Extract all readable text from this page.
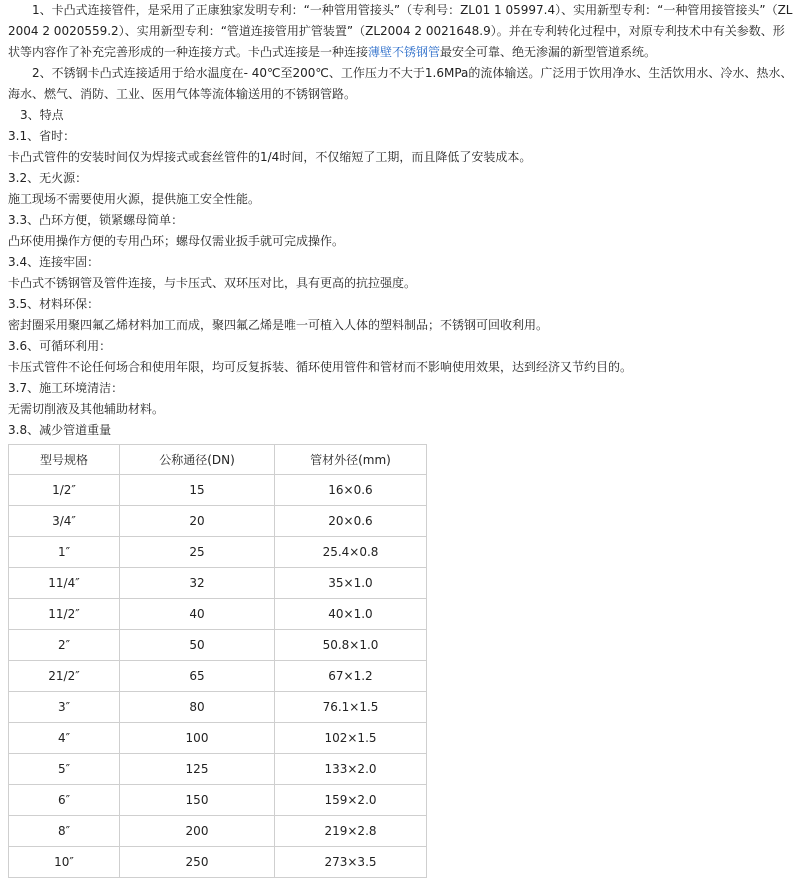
1、卡凸式连接管件，是采用了正康独家发明专利：“一种管用管接头”（专利号：ZL01 1 05997.4）、实用新型专利：“一种管用接管接头”（ZL2004 2 0020559.2）、实用新型专利：“管道连接管用扩管装置”（ZL2004 2 0021648.9）。并在专利转化过程中，对原专利技术中有关参数、形状等内容作了补充完善形成的一种连接方式。卡凸式连接是一种连接薄壁不锈钢管最安全可靠、绝无渗漏的新型管道系统。

2、不锈钢卡凸式连接适用于给水温度在- 40℃至200℃、工作压力不大于1.6MPa的流体输送。广泛用于饮用净水、生活饮用水、冷水、热水、海水、燃气、消防、工业、医用气体等流体输送用的不锈钢管路。

3、特点

3.1、省时：

卡凸式管件的安装时间仅为焊接式或套丝管件的1/4时间，不仅缩短了工期，而且降低了安装成本。

3.2、无火源：

施工现场不需要使用火源，提供施工安全性能。

3.3、凸环方便，锁紧螺母简单：

凸环使用操作方便的专用凸环；螺母仅需业扳手就可完成操作。

3.4、连接牢固：

卡凸式不锈钢管及管件连接，与卡压式、双环压对比，具有更高的抗拉强度。

3.5、材料环保：

密封圈采用聚四氟乙烯材料加工而成，聚四氟乙烯是唯一可植入人体的塑料制品；不锈钢可回收利用。

3.6、可循环利用：

卡压式管件不论任何场合和使用年限，均可反复拆装、循环使用管件和管材而不影响使用效果，达到经济又节约目的。

3.7、施工环境清洁：

无需切削液及其他辅助材料。

3.8、减少管道重量

型号规格	公称通径(DN)	管材外径(mm)
1/2″	15	16×0.6
3/4″	20	20×0.6
1″	25	25.4×0.8
11/4″	32	35×1.0
11/2″	40	40×1.0
2″	50	50.8×1.0
21/2″	65	67×1.2
3″	80	76.1×1.5
4″	100	102×1.5
5″	125	133×2.0
6″	150	159×2.0
8″	200	219×2.8
10″	250	273×3.5
